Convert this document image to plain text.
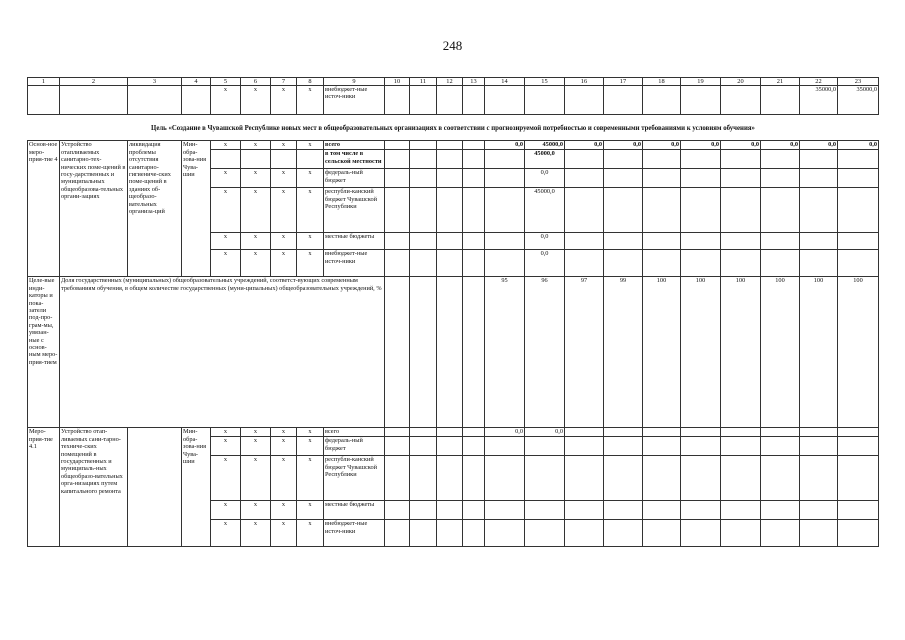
248
1	2	3	4	5	6	7	8	9	10	11	12	13	14	15	16	17	18	19	20	21	22	23
				x	x	x	x	внебюджет-ные источ-ники													35000,0	35000,0
Цель «Создание в Чувашской Республике новых мест в общеобразовательных организациях в соответствии с прогнозируемой потребностью и современными требованиями к условиям обучения»																						
Основ-ное меро-прия-тие 4	Устройство отапливаемых санитарно-тех-нических поме-щений в госу-дарственных и муниципальных общеобразова-тельных органи-зациях	ликвидация проблемы отсутствия санитарно-гигиениче-ских поме-щений в зданиях об-щеобразо-вательных организа-ций	Мин-обра-зова-ния Чува-шии	x	x	x	x	всего					0,0	45000,0	0,0	0,0	0,0	0,0	0,0	0,0	0,0	0,0
								в том числе в сельской местности						45000,0								
				x	x	x	x	федераль-ный бюджет						0,0								
				x	x	x	x	республи-канский бюджет Чувашской Республики						45000,0								
				x	x	x	x	местные бюджеты						0,0								
				x	x	x	x	внебюджет-ные источ-ники						0,0								
Целе-вые инди-каторы и пока-затели под-про-грам-мы, увязан-ные с основ-ным меро-прия-тием	Доля государственных (муниципальных) общеобразовательных учреждений, соответст-вующих современным требованиям обучения, в общем количестве государственных (муни-ципальных) общеобразовательных учреждений, %												95	96	97	99	100	100	100	100	100	100
Меро-прия-тие 4.1	Устройство отап-ливаемых сани-тарно-техниче-ских помещений в государственных и муниципаль-ных общеобразо-вательных орга-низациях путем капитального ремонта		Мин-обра-зова-ния Чува-шии	x	x	x	x	всего					0,0	0,0								
				x	x	x	x	федераль-ный бюджет														
				x	x	x	x	республи-канский бюджет Чувашской Республики														
				x	x	x	x	местные бюджеты														
				x	x	x	x	внебюджет-ные источ-ники														
